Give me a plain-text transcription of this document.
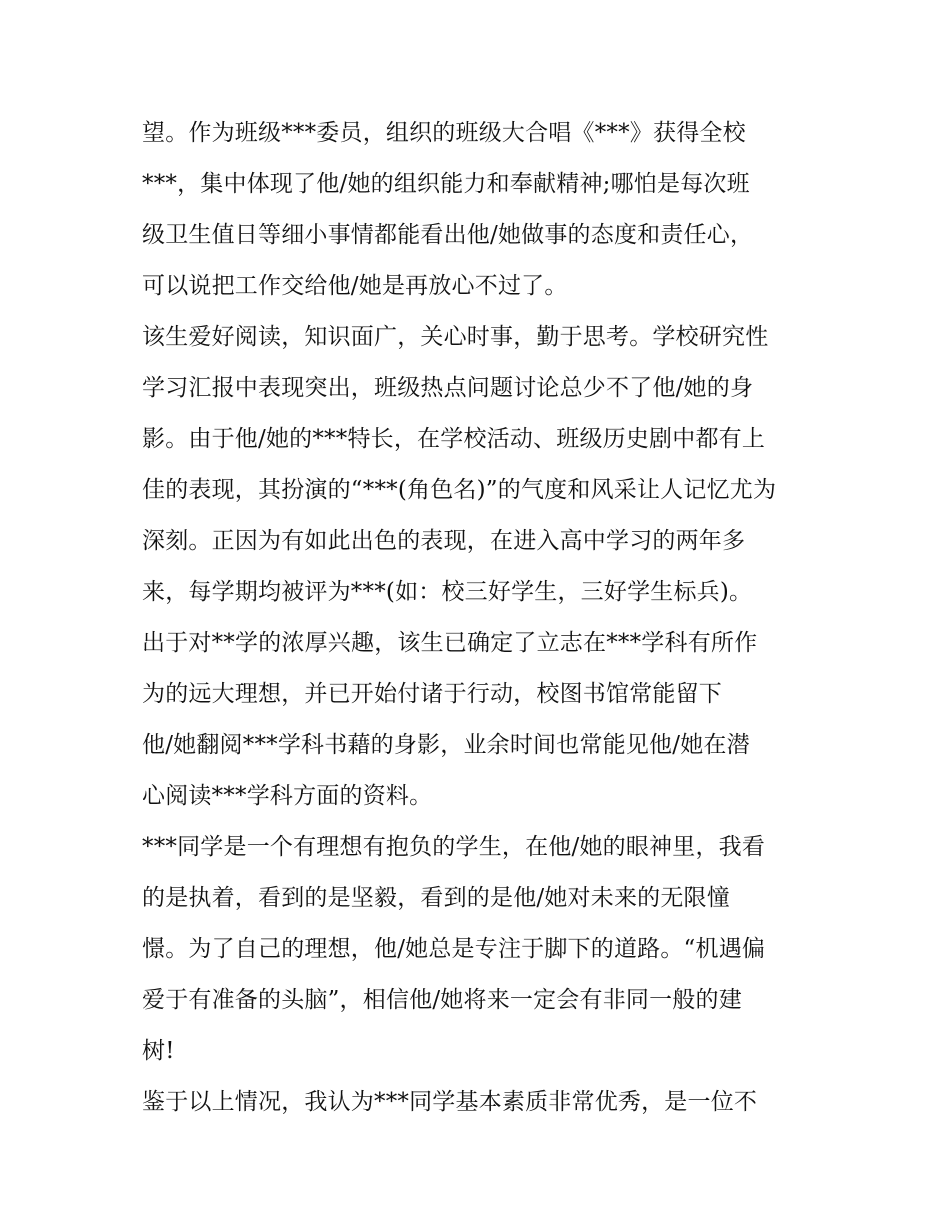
望。作为班级***委员，组织的班级大合唱《***》获得全校
***，集中体现了他/她的组织能力和奉献精神;哪怕是每次班
级卫生值日等细小事情都能看出他/她做事的态度和责任心，
可以说把工作交给他/她是再放心不过了。
该生爱好阅读，知识面广，关心时事，勤于思考。学校研究性
学习汇报中表现突出，班级热点问题讨论总少不了他/她的身
影。由于他/她的***特长，在学校活动、班级历史剧中都有上
佳的表现，其扮演的“***(角色名)”的气度和风采让人记忆尤为
深刻。正因为有如此出色的表现，在进入高中学习的两年多
来，每学期均被评为***(如：校三好学生，三好学生标兵)。
出于对**学的浓厚兴趣，该生已确定了立志在***学科有所作
为的远大理想，并已开始付诸于行动，校图书馆常能留下
他/她翻阅***学科书藉的身影，业余时间也常能见他/她在潜
心阅读***学科方面的资料。
***同学是一个有理想有抱负的学生，在他/她的眼神里，我看
的是执着，看到的是坚毅，看到的是他/她对未来的无限憧
憬。为了自己的理想，他/她总是专注于脚下的道路。“机遇偏
爱于有准备的头脑”，相信他/她将来一定会有非同一般的建
树!
鉴于以上情况，我认为***同学基本素质非常优秀，是一位不
